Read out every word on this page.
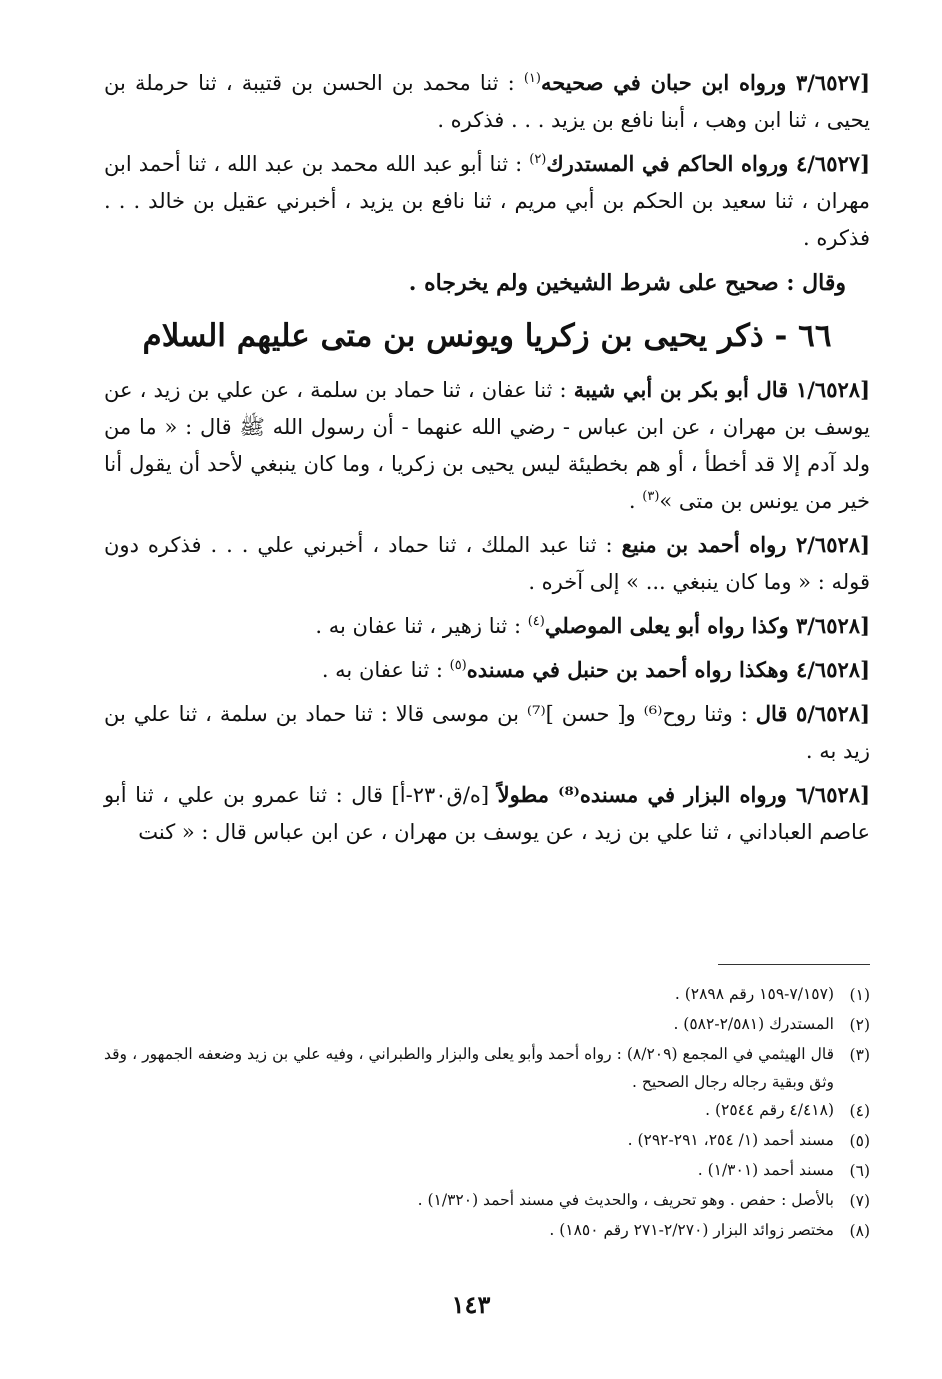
[٣/٦٥٢٧ ورواه ابن حبان في صحيحه$^{(١)}$ : ثنا محمد بن الحسن بن قتيبة ، ثنا حرملة بن يحيى ، ثنا ابن وهب ، أبنا نافع بن يزيد . . . فذكره .

[٤/٦٥٢٧ ورواه الحاكم في المستدرك$^{(٢)}$ : ثنا أبو عبد الله محمد بن عبد الله ، ثنا أحمد ابن مهران ، ثنا سعيد بن الحكم بن أبي مريم ، ثنا نافع بن يزيد ، أخبرني عقيل بن خالد . . . فذكره .

وقال : صحيح على شرط الشيخين ولم يخرجاه .

٦٦ - ذكر يحيى بن زكريا ويونس بن متى عليهم السلام

[١/٦٥٢٨ قال أبو بكر بن أبي شيبة : ثنا عفان ، ثنا حماد بن سلمة ، عن علي بن زيد ، عن يوسف بن مهران ، عن ابن عباس - رضي الله عنهما - أن رسول الله ﷺ قال : « ما من ولد آدم إلا قد أخطأ ، أو هم بخطيئة ليس يحيى بن زكريا ، وما كان ينبغي لأحد أن يقول أنا خير من يونس بن متى »$^{(٣)}$ .

[٢/٦٥٢٨ رواه أحمد بن منيع : ثنا عبد الملك ، ثنا حماد ، أخبرني علي . . . فذكره دون قوله : « وما كان ينبغي ... » إلى آخره .

[٣/٦٥٢٨ وكذا رواه أبو يعلى الموصلي$^{(٤)}$ : ثنا زهير ، ثنا عفان به .

[٤/٦٥٢٨ وهكذا رواه أحمد بن حنبل في مسنده$^{(٥)}$ : ثنا عفان به .

[٥/٦٥٢٨ قال : وثنا روح⁽⁶⁾ و[ حسن ]⁽⁷⁾ بن موسى قالا : ثنا حماد بن سلمة ، ثنا علي بن زيد به .

[٦/٦٥٢٨ ورواه البزار في مسنده⁽⁸⁾ مطولاً [ه/ق٢٣٠-أ] قال : ثنا عمرو بن علي ، ثنا أبو عاصم العباداني ، ثنا علي بن زيد ، عن يوسف بن مهران ، عن ابن عباس قال : « كنت

(١)
(٧/١٥٧-١٥٩ رقم ٢٨٩٨) .
(٢)
المستدرك (٢/٥٨١-٥٨٢) .
(٣)
قال الهيثمي في المجمع (٨/٢٠٩) : رواه أحمد وأبو يعلى والبزار والطبراني ، وفيه علي بن زيد وضعفه الجمهور ، وقد وثق وبقية رجاله رجال الصحيح .
(٤)
(٤/٤١٨ رقم ٢٥٤٤) .
(٥)
مسند أحمد (١/ ٢٥٤، ٢٩١-٢٩٢) .
(٦)
مسند أحمد (١/٣٠١) .
(٧)
بالأصل : حفص . وهو تحريف ، والحديث في مسند أحمد (١/٣٢٠) .
(٨)
مختصر زوائد البزار (٢/٢٧٠-٢٧١ رقم ١٨٥٠) .
١٤٣
